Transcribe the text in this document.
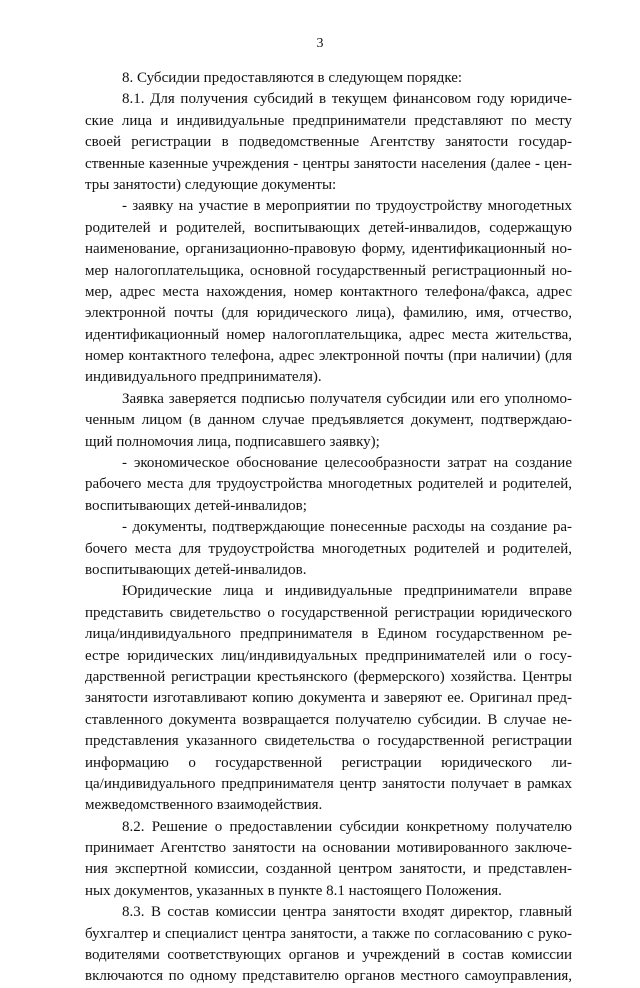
3
8. Субсидии предоставляются в следующем порядке:
8.1. Для получения субсидий в текущем финансовом году юридиче-
ские лица и индивидуальные предприниматели представляют по месту
своей регистрации в подведомственные Агентству занятости государ-
ственные казенные учреждения - центры занятости населения (далее - цен-
тры занятости) следующие документы:
- заявку на участие в мероприятии по трудоустройству многодетных
родителей и родителей, воспитывающих детей-инвалидов, содержащую
наименование, организационно-правовую форму, идентификационный но-
мер налогоплательщика, основной государственный регистрационный но-
мер, адрес места нахождения, номер контактного телефона/факса, адрес
электронной почты (для юридического лица), фамилию, имя, отчество,
идентификационный номер налогоплательщика, адрес места жительства,
номер контактного телефона, адрес электронной почты (при наличии) (для
индивидуального предпринимателя).
Заявка заверяется подписью получателя субсидии или его уполномо-
ченным лицом (в данном случае предъявляется документ, подтверждаю-
щий полномочия лица, подписавшего заявку);
- экономическое обоснование целесообразности затрат на создание
рабочего места для трудоустройства многодетных родителей и родителей,
воспитывающих детей-инвалидов;
- документы, подтверждающие понесенные расходы на создание ра-
бочего места для трудоустройства многодетных родителей и родителей,
воспитывающих детей-инвалидов.
Юридические лица и индивидуальные предприниматели вправе
представить свидетельство о государственной регистрации юридического
лица/индивидуального предпринимателя в Едином государственном ре-
естре юридических лиц/индивидуальных предпринимателей или о госу-
дарственной регистрации крестьянского (фермерского) хозяйства. Центры
занятости изготавливают копию документа и заверяют ее. Оригинал пред-
ставленного документа возвращается получателю субсидии. В случае не-
представления указанного свидетельства о государственной регистрации
информацию о государственной регистрации юридического ли-
ца/индивидуального предпринимателя центр занятости получает в рамках
межведомственного взаимодействия.
8.2. Решение о предоставлении субсидии конкретному получателю
принимает Агентство занятости на основании мотивированного заключе-
ния экспертной комиссии, созданной центром занятости, и представлен-
ных документов, указанных в пункте 8.1 настоящего Положения.
8.3. В состав комиссии центра занятости входят директор, главный
бухгалтер и специалист центра занятости, а также по согласованию с руко-
водителями соответствующих органов и учреждений в состав комиссии
включаются по одному представителю органов местного самоуправления,
